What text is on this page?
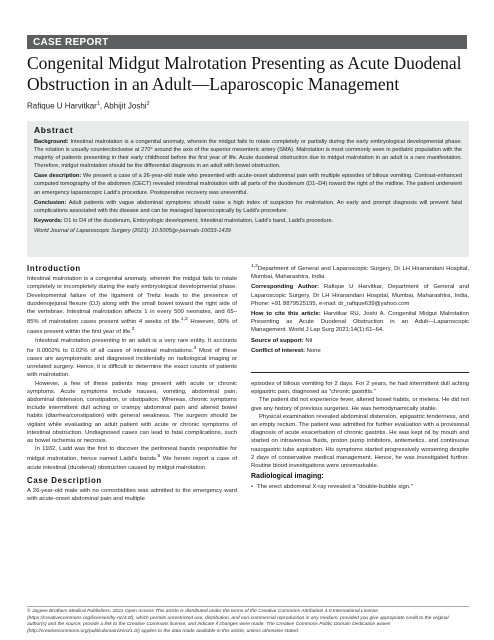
CASE REPORT
Congenital Midgut Malrotation Presenting as Acute Duodenal Obstruction in an Adult—Laparoscopic Management
Rafique U Harvitkar$^1$, Abhijit Joshi$^2$
Abstract

Background: Intestinal malrotation is a congenital anomaly, wherein the midgut fails to rotate completely or partially during the early embryological developmental phase. The rotation is usually counterclockwise at 270° around the axis of the superior mesenteric artery (SMA). Malrotation is most commonly seen in pediatric population with the majority of patients presenting in their early childhood before the first year of life. Acute duodenal obstruction due to midgut malrotation in an adult is a rare manifestation. Therefore, midgut malrotation should be the differential diagnosis in an adult with bowel obstruction.

Case description: We present a case of a 26-year-old male who presented with acute-onset abdominal pain with multiple episodes of bilious vomiting. Contrast-enhanced computed tomography of the abdomen (CECT) revealed intestinal malrotation with all parts of the duodenum (D1–D4) toward the right of the midline. The patient underwent an emergency laparoscopic Ladd's procedure. Postoperative recovery was uneventful.

Conclusion: Adult patients with vague abdominal symptoms should raise a high index of suspicion for malrotation. An early and prompt diagnosis will prevent fatal complications associated with this disease and can be managed laparoscopically by Ladd's procedure.

Keywords: D1 to D4 of the duodenum, Embryologic development, Intestinal malrotation, Ladd's band, Ladd's procedure.

World Journal of Laparoscopic Surgery (2021): 10.5005/jp-journals-10033-1439

Introduction

Intestinal malrotation is a congenital anomaly, wherein the midgut fails to rotate completely or incompletely during the early embryological developmental phase. Developmental failure of the ligament of Treitz leads to the presence of duodenojejunal flexure (DJ) along with the small bowel toward the right side of the vertebrae. Intestinal malrotation affects 1 in every 500 neonates, and 65–85% of malrotation cases present within 4 weeks of life.$^{1,2}$ However, 90% of cases present within the first year of life.$^3$

Intestinal malrotation presenting in an adult is a very rare entity. It accounts for 0.0002% to 0.02% of all cases of intestinal malrotations.$^4$ Most of these cases are asymptomatic and diagnosed incidentally on radiological imaging or unrelated surgery. Hence, it is difficult to determine the exact counts of patients with malrotation.

However, a few of these patients may present with acute or chronic symptoms. Acute symptoms include nausea, vomiting, abdominal pain, abdominal distension, constipation, or obstipation. Whereas, chronic symptoms include intermittent dull aching or crampy abdominal pain and altered bowel habits (diarrhea/constipation) with general weakness. The surgeon should be vigilant while evaluating an adult patient with acute or chronic symptoms of intestinal obstruction. Undiagnosed cases can lead to fatal complications, such as bowel ischemia or necrosis.

In 1932, Ladd was the first to discover the peritoneal bands responsible for midgut malrotation, hence named Ladd's bands.$^5$ We herein report a case of acute intestinal (duodenal) obstruction caused by midgut malrotation.

Case Description

A 26-year-old male with no comorbidities was admitted to the emergency ward with acute-onset abdominal pain and multiple

$^{1,2}$Department of General and Laparoscopic Surgery, Dr LH Hiranandani Hospital, Mumbai, Maharashtra, India

Corresponding Author: Rafique U Harvitkar, Department of General and Laparoscopic Surgery, Dr LH Hiranandani Hospital, Mumbai, Maharashtra, India, Phone: +91 8879525195, e-mail: dr_rafique639@yahoo.com

How to cite this article: Harvitkar RU, Joshi A. Congenital Midgut Malrotation Presenting as Acute Duodenal Obstruction in an Adult—Laparoscopic Management. World J Lap Surg 2021;14(1):61–64.

Source of support: Nil

Conflict of interest: None

episodes of bilious vomiting for 2 days. For 2 years, he had intermittent dull aching epigastric pain, diagnosed as "chronic gastritis."

The patient did not experience fever, altered bowel habits, or melena. He did not give any history of previous surgeries. He was hemodynamically stable.

Physical examination revealed abdominal distension, epigastric tenderness, and an empty rectum. The patient was admitted for further evaluation with a provisional diagnosis of acute exacerbation of chronic gastritis. He was kept nil by mouth and started on intravenous fluids, proton pump inhibitors, antiemetics, and continuous nasogastric tube aspiration. His symptoms started progressively worsening despite 2 days of conservative medical management. Hence, he was investigated further. Routine blood investigations were unremarkable.

Radiological imaging:

• The erect abdominal X-ray revealed a "double-bubble sign."

© Jaypee Brothers Medical Publishers. 2021 Open Access This article is distributed under the terms of the Creative Commons Attribution 4.0 International License (https://creativecommons.org/licenses/by-nc/4.0/), which permits unrestricted use, distribution, and non-commercial reproduction in any medium, provided you give appropriate credit to the original author(s) and the source, provide a link to the Creative Commons license, and indicate if changes were made. The Creative Commons Public Domain Dedication waiver (http://creativecommons.org/publicdomain/zero/1.0/) applies to the data made available in this article, unless otherwise stated.
